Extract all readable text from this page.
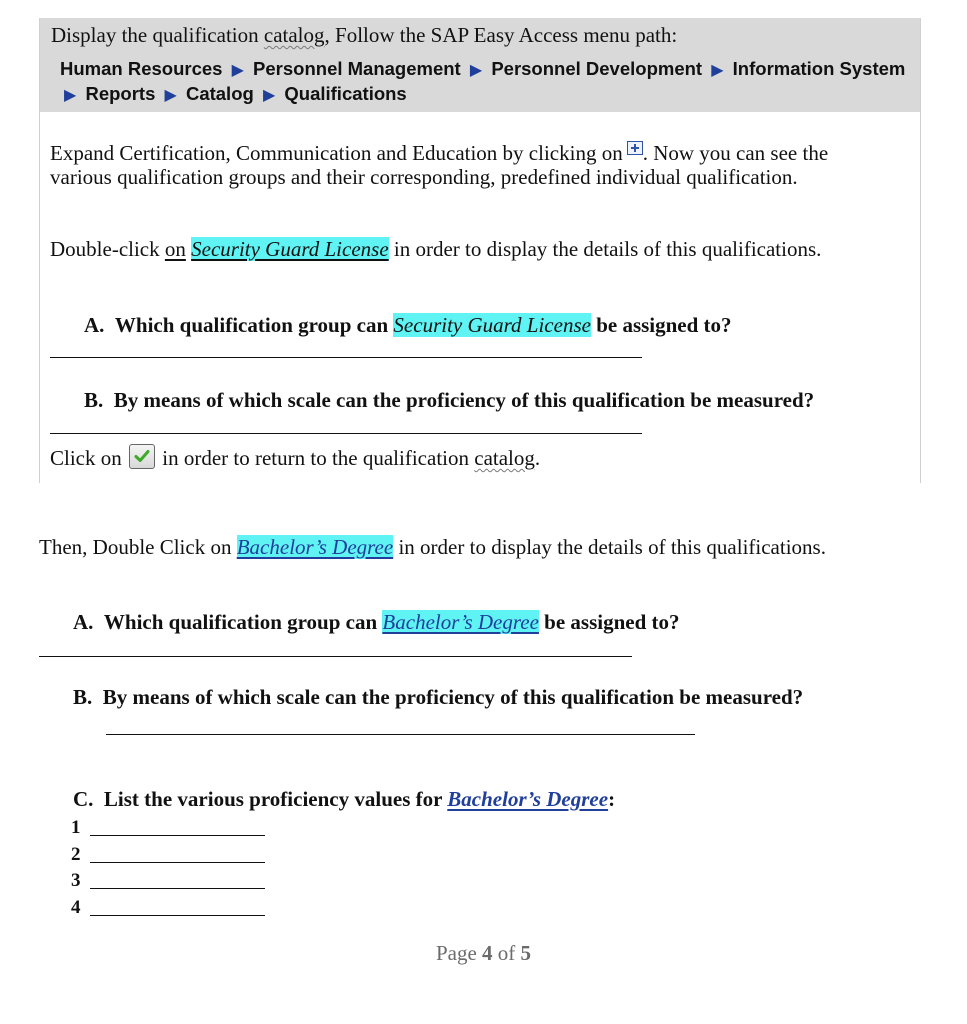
Display the qualification catalog, Follow the SAP Easy Access menu path:
Human Resources ▶ Personnel Management ▶ Personnel Development ▶ Information System ▶ Reports ▶ Catalog ▶ Qualifications
Expand Certification, Communication and Education by clicking on . Now you can see the
various qualification groups and their corresponding, predefined individual qualification.
Double-click on Security Guard License in order to display the details of this qualifications.
A. Which qualification group can Security Guard License be assigned to?
B. By means of which scale can the proficiency of this qualification be measured?
Click on
in order to return to the qualification catalog.
Then, Double Click on Bachelor’s Degree in order to display the details of this qualifications.
A. Which qualification group can Bachelor’s Degree be assigned to?
B. By means of which scale can the proficiency of this qualification be measured?
C. List the various proficiency values for Bachelor’s Degree:
1
2
3
4
Page 4 of 5
